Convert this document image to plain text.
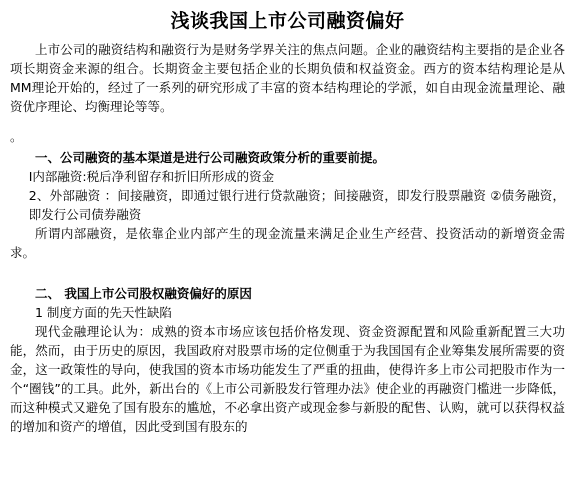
浅谈我国上市公司融资偏好

上市公司的融资结构和融资行为是财务学界关注的焦点问题。企业的融资结构主要指的是企业各项长期资金来源的组合。长期资金主要包括企业的长期负债和权益资金。西方的资本结构理论是从MM理论开始的，经过了一系列的研究形成了丰富的资本结构理论的学派，如自由现金流量理论、融资优序理论、均衡理论等等。

。

一、公司融资的基本渠道是进行公司融资政策分析的重要前提。

Ⅰ内部融资:税后净利留存和折旧所形成的资金

2、外部融资 ：间接融资，即通过银行进行贷款融资；间接融资，即发行股票融资 ②债务融资，即发行公司债券融资

所谓内部融资，是依靠企业内部产生的现金流量来满足企业生产经营、投资活动的新增资金需求。

二、 我国上市公司股权融资偏好的原因

1 制度方面的先天性缺陷

现代金融理论认为：成熟的资本市场应该包括价格发现、资金资源配置和风险重新配置三大功能，然而，由于历史的原因，我国政府对股票市场的定位侧重于为我国国有企业筹集发展所需要的资金，这一政策性的导向，使我国的资本市场功能发生了严重的扭曲，使得许多上市公司把股市作为一个“圈钱”的工具。此外，新出台的《上市公司新股发行管理办法》使企业的再融资门槛进一步降低，而这种模式又避免了国有股东的尴尬，不必拿出资产或现金参与新股的配售、认购，就可以获得权益的增加和资产的增值，因此受到国有股东的
